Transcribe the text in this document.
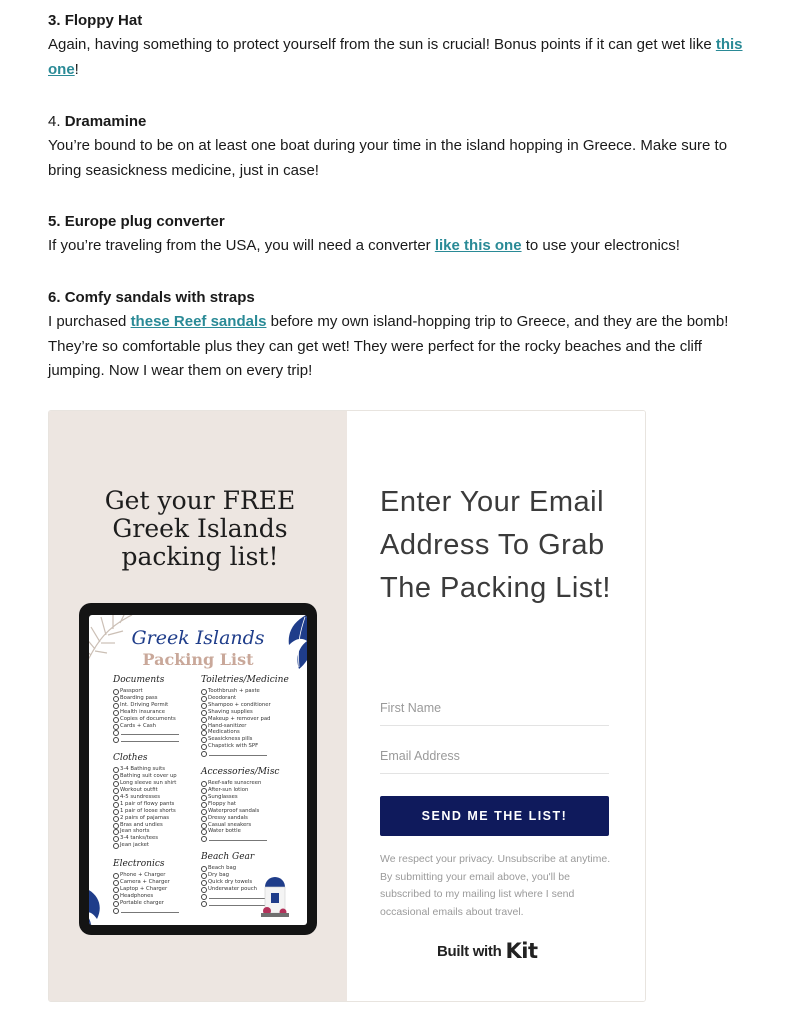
3. Floppy Hat

Again, having something to protect yourself from the sun is crucial! Bonus points if it can get wet like this one!

4. Dramamine

You’re bound to be on at least one boat during your time in the island hopping in Greece. Make sure to bring seasickness medicine, just in case!

5. Europe plug converter

If you’re traveling from the USA, you will need a converter like this one to use your electronics!

6. Comfy sandals with straps

I purchased these Reef sandals before my own island-hopping trip to Greece, and they are the bomb! They’re so comfortable plus they can get wet! They were perfect for the rocky beaches and the cliff jumping. Now I wear them on every trip!

Get your FREE Greek Islands packing list!
Greek Islands
Packing List
Documents
Passport
Boarding pass
Int. Driving Permit
Health insurance
Copies of documents
Cards + Cash

Clothes
3-4 Bathing suits
Bathing suit cover up
Long sleeve sun shirt
Workout outfit
4-5 sundresses
1 pair of flowy pants
1 pair of loose shorts
2 pairs of pajamas
Bras and undies
Jean shorts
3-4 tanks/tees
Jean jacket
Electronics
Phone + Charger
Camera + Charger
Laptop + Charger
Headphones
Portable charger

Toiletries/Medicine
Toothbrush + paste
Deodorant
Shampoo + conditioner
Shaving supplies
Makeup + remover pad
Hand-sanitizer
Medications
Seasickness pills
Chapstick with SPF

Accessories/Misc
Reef-safe sunscreen
After-sun lotion
Sunglasses
Floppy hat
Waterproof sandals
Dressy sandals
Casual sneakers
Water bottle

Beach Gear
Beach bag
Dry bag
Quick dry towels
Underwater pouch

Enter Your Email Address To Grab The Packing List!
First Name
Email Address
SEND ME THE LIST!
We respect your privacy. Unsubscribe at anytime. By submitting your email above, you'll be subscribed to my mailing list where I send occasional emails about travel.
Built with Kit
